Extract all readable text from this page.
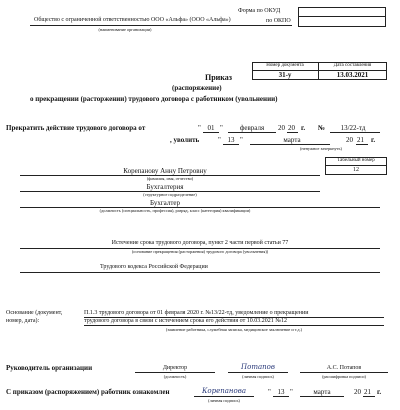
Форма по ОКУД
по ОКПО
Общество с ограниченной ответственностью ООО «Альфа» (ООО «Альфа»)
(наименование организации)
Номер документа	Дата составления
31-у	13.03.2021
Приказ
(распоряжение)
о прекращении (расторжении) трудового договора с работником (увольнении)
Прекратить действие трудового договора от	" 01 "	февраля	20 20 г. №	13/22-тд
, уволить	" 13 "	марта	20 21 г.
(ненужное зачеркнуть)
Табельный номер
12
Корепанову Анну Петровну
(фамилия, имя, отчество)
Бухгалтерия
(структурное подразделение)
Бухгалтер
(должность (специальность, профессия), разряд, класс (категория) квалификации)
Истечение срока трудового договора, пункт 2 части первой статьи 77
(основание прекращения (расторжения) трудового договора (увольнения))
Трудового кодекса Российской Федерации
Основание (документ,
номер, дата):
П.1.3 трудового договора от 01 февраля 2020 г. №13/22-тд, уведомление о прекращении
трудового договора в связи с истечением срока его действия от 10.03.2021 №12
(заявление работника, служебная записка, медицинское заключение и т.д.)
Руководитель организации	Директор
(должность)
Потапов
(личная подпись)
А.С. Потапов
(расшифровка подписи)
С приказом (распоряжением) работник ознакомлен	Корепанова
(личная подпись)
" 13 "	марта	20 21 г.
